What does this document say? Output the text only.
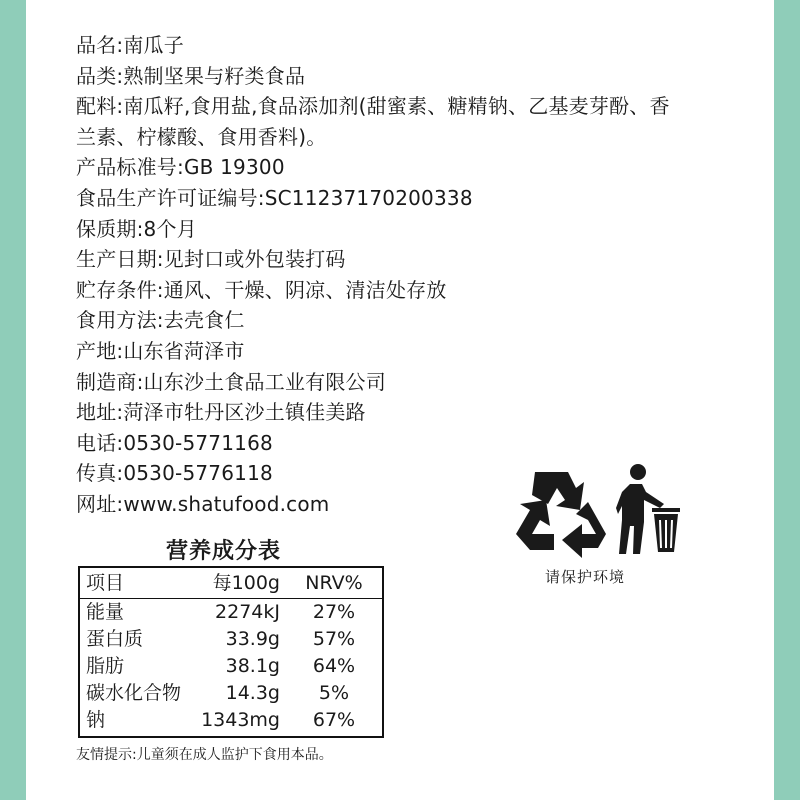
品名:南瓜子
品类:熟制坚果与籽类食品
配料:南瓜籽,食用盐,食品添加剂(甜蜜素、糖精钠、乙基麦芽酚、香
兰素、柠檬酸、食用香料)。
产品标准号:GB 19300
食品生产许可证编号:SC11237170200338
保质期:8个月
生产日期:见封口或外包装打码
贮存条件:通风、干燥、阴凉、清洁处存放
食用方法:去壳食仁
产地:山东省菏泽市
制造商:山东沙土食品工业有限公司
地址:菏泽市牡丹区沙土镇佳美路
电话:0530-5771168
传真:0530-5776118
网址:www.shatufood.com
营养成分表
项目	每100g NRV%
能量	2274kJ	27%
蛋白质	33.9g	57%
脂肪	38.1g	64%
碳水化合物	14.3g	5%
钠	1343mg	67%
友情提示:儿童须在成人监护下食用本品。
请保护环境
